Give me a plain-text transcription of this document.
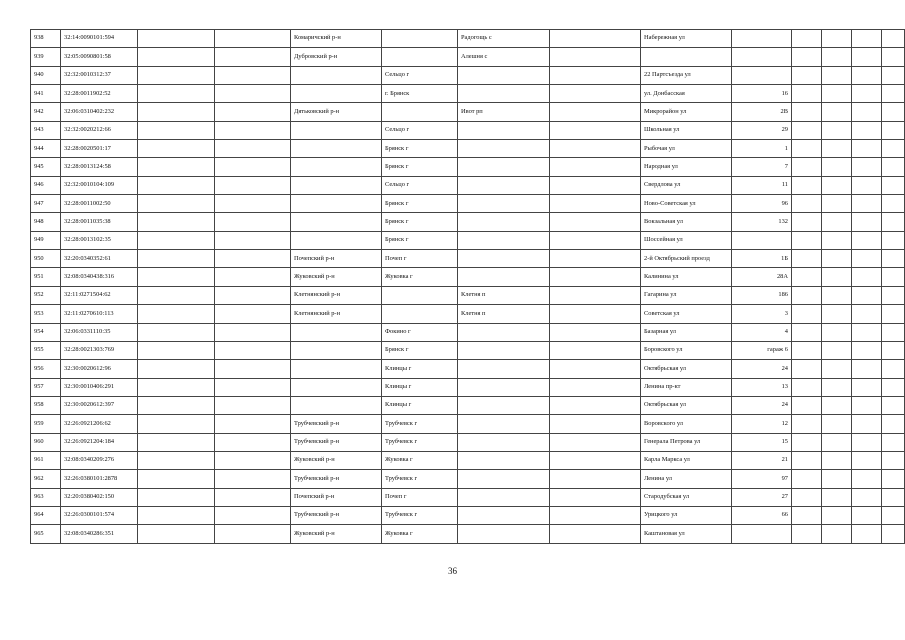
938	32:14:0090101:594			Комаричский р-н		Радогощь с		Набережная ул					
939	32:05:0090801:58			Дубровский р-н		Алешня с							
940	32:32:0010312:37				Сельцо г			22 Партсъезда ул					
941	32:28:0011902:52				г. Брянск			ул. Донбасская	16				
942	32:06:0310402:232			Дятьковский р-н		Ивот рп		Микрорайон ул	2В				
943	32:32:0020212:66				Сельцо г			Школьная ул	29				
944	32:28:0020501:17				Брянск г			Рыбочая ул	1				
945	32:28:0013124:58				Брянск г			Народная ул	7				
946	32:32:0010104:109				Сельцо г			Свердлова ул	11				
947	32:28:0011002:50				Брянск г			Ново-Советская ул	96				
948	32:28:0011035:38				Брянск г			Вокзальная ул	132				
949	32:28:0013102:35				Брянск г			Шоссейная ул					
950	32:20:0340352:61			Почепский р-н	Почеп г			2-й Октябрьский проезд	1Б				
951	32:08:0340438:316			Жуковский р-н	Жуковка г			Калинина ул	28А				
952	32:11:0271504:62			Клетнянский р-н		Клетня п		Гагарина ул	186				
953	32:11:0270610:113			Клетнянский р-н		Клетня п		Советская ул	3				
954	32:06:0331110:35				Фокино г			Базарная ул	4				
955	32:28:0021303:769				Брянск г			Боровского ул	гараж 6				
956	32:30:0020612:96				Клинцы г			Октябрьская ул	24				
957	32:30:0010406:291				Клинцы г			Ленина пр-кт	13				
958	32:30:0020612:397				Клинцы г			Октябрьская ул	24				
959	32:26:0921206:62			Трубчевский р-н	Трубчевск г			Воровского ул	12				
960	32:26:0921204:184			Трубчевский р-н	Трубчевск г			Генерала Петрова ул	15				
961	32:08:0340209:276			Жуковский р-н	Жуковка г			Карла Маркса ул	21				
962	32:26:0380101:2878			Трубчевский р-н	Трубчевск г			Ленина ул	97				
963	32:20:0380402:150			Почепский р-н	Почеп г			Стародубская ул	27				
964	32:26:0300101:574			Трубчевский р-н	Трубчевск г			Урицкого ул	66				
965	32:08:0340286:351			Жуковский р-н	Жуковка г			Каштановая ул					
36
